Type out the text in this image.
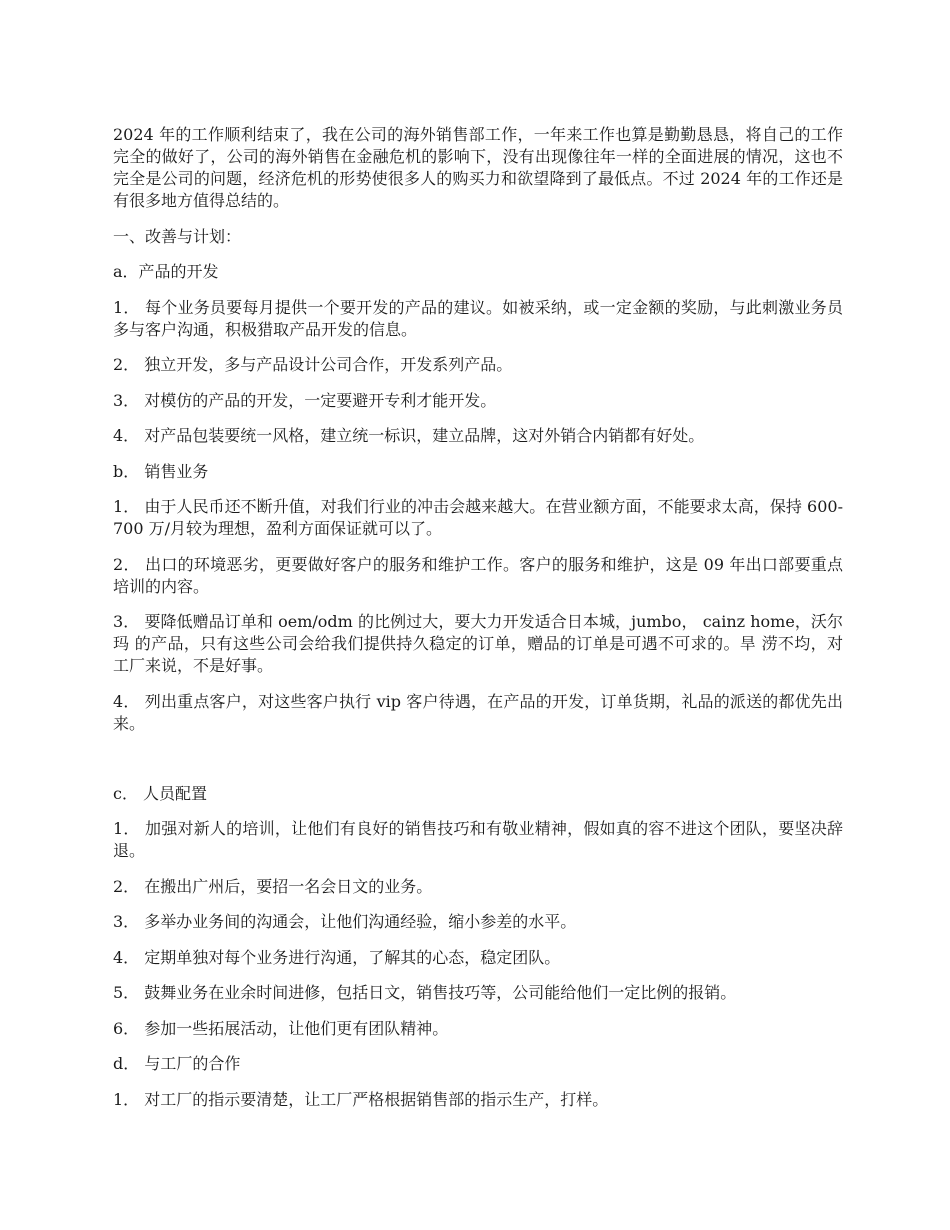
2024 年的工作顺利结束了，我在公司的海外销售部工作，一年来工作也算是勤勤恳恳，将自己的工作完全的做好了，公司的海外销售在金融危机的影响下，没有出现像往年一样的全面进展的情况，这也不完全是公司的问题，经济危机的形势使很多人的购买力和欲望降到了最低点。不过 2024 年的工作还是有很多地方值得总结的。

一、改善与计划：

a．产品的开发

1． 每个业务员要每月提供一个要开发的产品的建议。如被采纳，或一定金额的奖励，与此刺激业务员多与客户沟通，积极猎取产品开发的信息。

2． 独立开发，多与产品设计公司合作，开发系列产品。

3． 对模仿的产品的开发，一定要避开专利才能开发。

4． 对产品包装要统一风格，建立统一标识，建立品牌，这对外销合内销都有好处。

b． 销售业务

1． 由于人民币还不断升值，对我们行业的冲击会越来越大。在营业额方面，不能要求太高，保持 600-700 万/月较为理想，盈利方面保证就可以了。

2． 出口的环境恶劣，更要做好客户的服务和维护工作。客户的服务和维护，这是 09 年出口部要重点培训的内容。

3． 要降低赠品订单和 oem/odm 的比例过大，要大力开发适合日本城，jumbo， cainz home，沃尔玛 的产品，只有这些公司会给我们提供持久稳定的订单，赠品的订单是可遇不可求的。旱 涝不均，对工厂来说，不是好事。

4． 列出重点客户，对这些客户执行 vip 客户待遇，在产品的开发，订单货期，礼品的派送的都优先出来。

c． 人员配置

1． 加强对新人的培训，让他们有良好的销售技巧和有敬业精神，假如真的容不进这个团队，要坚决辞退。

2． 在搬出广州后，要招一名会日文的业务。

3． 多举办业务间的沟通会，让他们沟通经验，缩小参差的水平。

4． 定期单独对每个业务进行沟通，了解其的心态，稳定团队。

5． 鼓舞业务在业余时间进修，包括日文，销售技巧等，公司能给他们一定比例的报销。

6． 参加一些拓展活动，让他们更有团队精神。

d． 与工厂的合作

1． 对工厂的指示要清楚，让工厂严格根据销售部的指示生产，打样。
